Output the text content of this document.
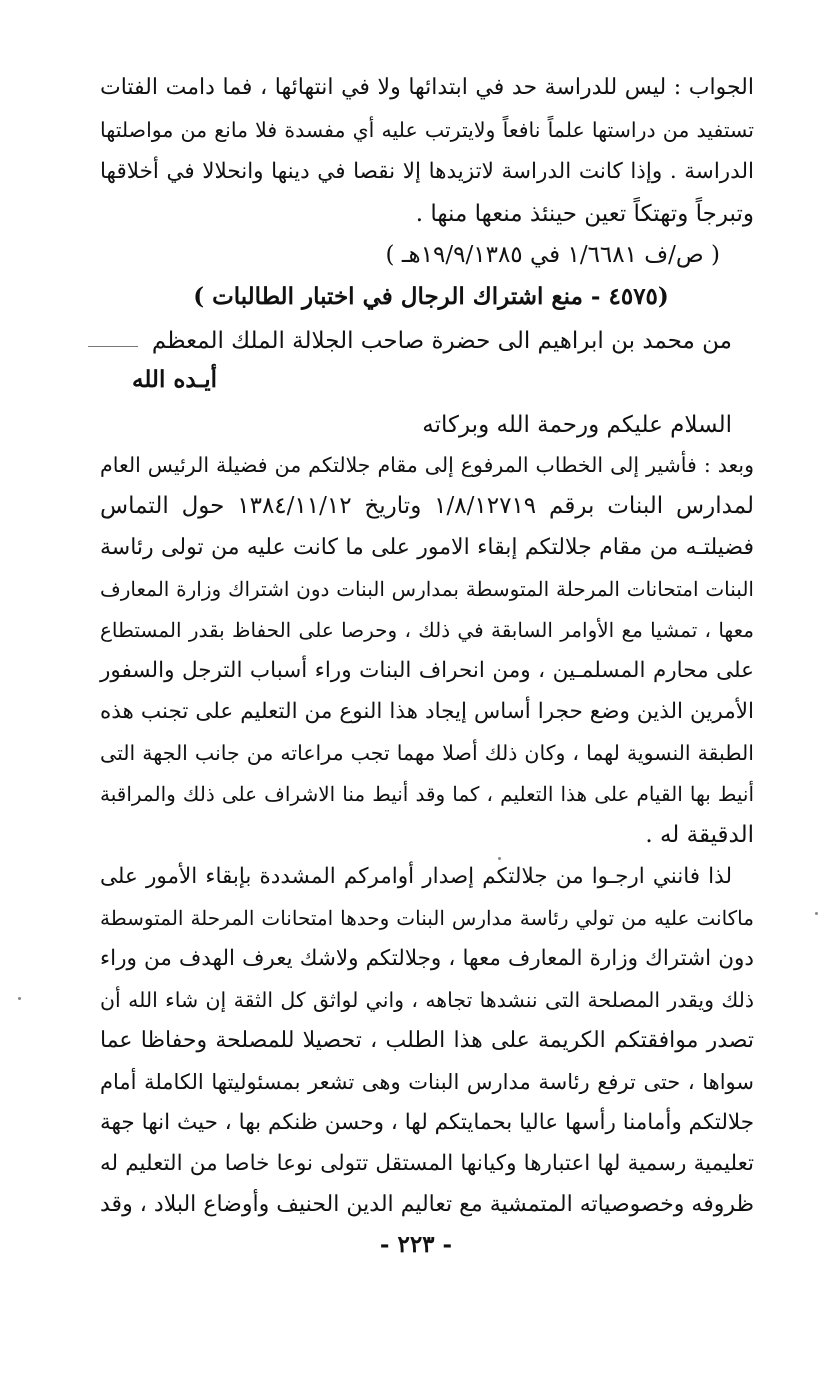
الجواب : ليس للدراسة حد في ابتدائها ولا في انتهائها ، فما دامت الفتات
تستفيد من دراستها علماً نافعاً ولايترتب عليه أي مفسدة فلا مانع من مواصلتها
الدراسة . وإذا كانت الدراسة لاتزيدها إلا نقصا في دينها وانحلالا في أخلاقها
وتبرجاً وتهتكاً تعين حينئذ منعها منها .
( ص/ف ١/٦٦٨١ في ١٩/٩/١٣٨٥هـ )
(٤٥٧٥ - منع اشتراك الرجال في اختبار الطالبات )
من محمد بن ابراهيم الى حضرة صاحب الجلالة الملك المعظم
أيـده الله
السلام عليكم ورحمة الله وبركاته
وبعد : فأشير إلى الخطاب المرفوع إلى مقام جلالتكم من فضيلة الرئيس العام
لمدارس البنات برقم ١/٨/١٢٧١٩ وتاريخ ١٣٨٤/١١/١٢ حول التماس
فضيلتـه من مقام جلالتكم إبقاء الامور على ما كانت عليه من تولى رئاسة
البنات امتحانات المرحلة المتوسطة بمدارس البنات دون اشتراك وزارة المعارف
معها ، تمشيا مع الأوامر السابقة في ذلك ، وحرصا على الحفاظ بقدر المستطاع
على محارم المسلمـين ، ومن انحراف البنات وراء أسباب الترجل والسفور
الأمرين الذين وضع حجرا أساس إيجاد هذا النوع من التعليم على تجنب هذه
الطبقة النسوية لهما ، وكان ذلك أصلا مهما تجب مراعاته من جانب الجهة التى
أنيط بها القيام على هذا التعليم ، كما وقد أنيط منا الاشراف على ذلك والمراقبة
الدقيقة له .
لذا فانني ارجـوا من جلالتكم إصدار أوامركم المشددة بإبقاء الأمور على
ماكانت عليه من تولي رئاسة مدارس البنات وحدها امتحانات المرحلة المتوسطة
دون اشتراك وزارة المعارف معها ، وجلالتكم ولاشك يعرف الهدف من وراء
ذلك ويقدر المصلحة التى ننشدها تجاهه ، واني لواثق كل الثقة إن شاء الله أن
تصدر موافقتكم الكريمة على هذا الطلب ، تحصيلا للمصلحة وحفاظا عما
سواها ، حتى ترفع رئاسة مدارس البنات وهى تشعر بمسئوليتها الكاملة أمام
جلالتكم وأمامنا رأسها عاليا بحمايتكم لها ، وحسن ظنكم بها ، حيث انها جهة
تعليمية رسمية لها اعتبارها وكيانها المستقل تتولى نوعا خاصا من التعليم له
ظروفه وخصوصياته المتمشية مع تعاليم الدين الحنيف وأوضاع البلاد ، وقد
- ٢٢٣ -
